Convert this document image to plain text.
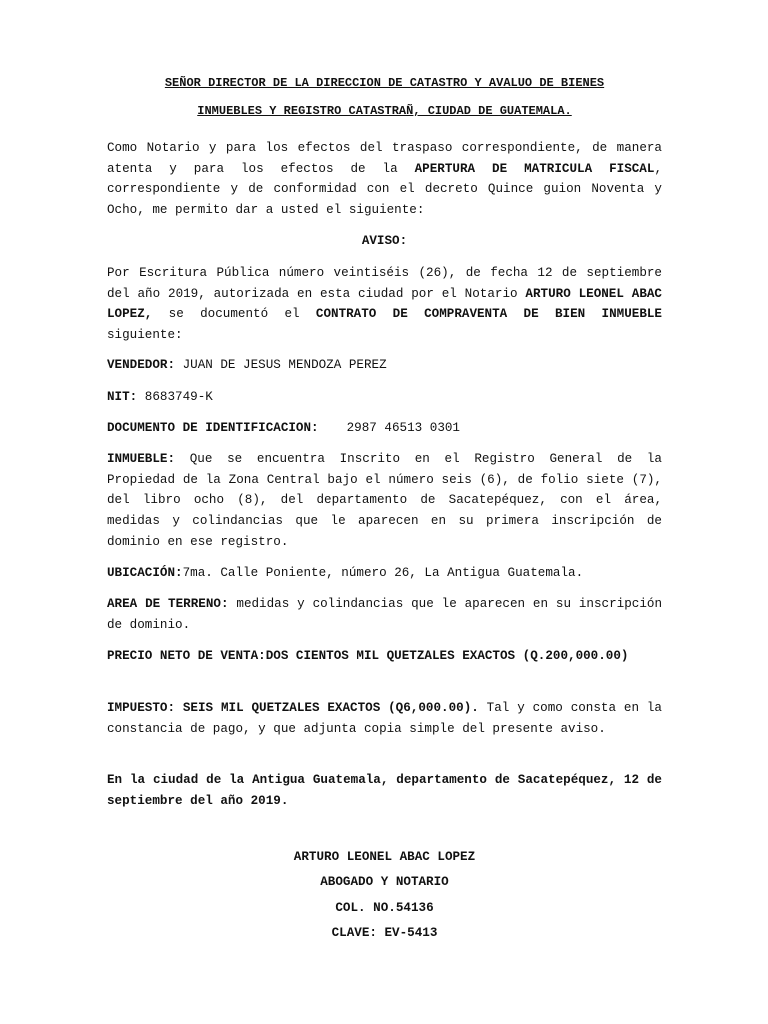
SEÑOR DIRECTOR DE LA DIRECCION DE CATASTRO Y AVALUO DE BIENES
INMUEBLES Y REGISTRO CATASTRAÑ, CIUDAD DE GUATEMALA.

Como Notario y para los efectos del traspaso correspondiente, de manera atenta y para los efectos de la APERTURA DE MATRICULA FISCAL, correspondiente y de conformidad con el decreto Quince guion Noventa y Ocho, me permito dar a usted el siguiente:

AVISO:

Por Escritura Pública número veintiséis (26), de fecha 12 de septiembre del año 2019, autorizada en esta ciudad por el Notario ARTURO LEONEL ABAC LOPEZ, se documentó el CONTRATO DE COMPRAVENTA DE BIEN INMUEBLE siguiente:

VENDEDOR: JUAN DE JESUS MENDOZA PEREZ

NIT: 8683749-K

DOCUMENTO DE IDENTIFICACION: 2987 46513 0301

INMUEBLE: Que se encuentra Inscrito en el Registro General de la Propiedad de la Zona Central bajo el número seis (6), de folio siete (7), del libro ocho (8), del departamento de Sacatepéquez, con el área, medidas y colindancias que le aparecen en su primera inscripción de dominio en ese registro.

UBICACIÓN:7ma. Calle Poniente, número 26, La Antigua Guatemala.

AREA DE TERRENO: medidas y colindancias que le aparecen en su inscripción de dominio.

PRECIO NETO DE VENTA:DOS CIENTOS MIL QUETZALES EXACTOS (Q.200,000.00)

IMPUESTO: SEIS MIL QUETZALES EXACTOS (Q6,000.00). Tal y como consta en la constancia de pago, y que adjunta copia simple del presente aviso.

En la ciudad de la Antigua Guatemala, departamento de Sacatepéquez, 12 de septiembre del año 2019.

ARTURO LEONEL ABAC LOPEZ
ABOGADO Y NOTARIO
COL. NO.54136
CLAVE: EV-5413
